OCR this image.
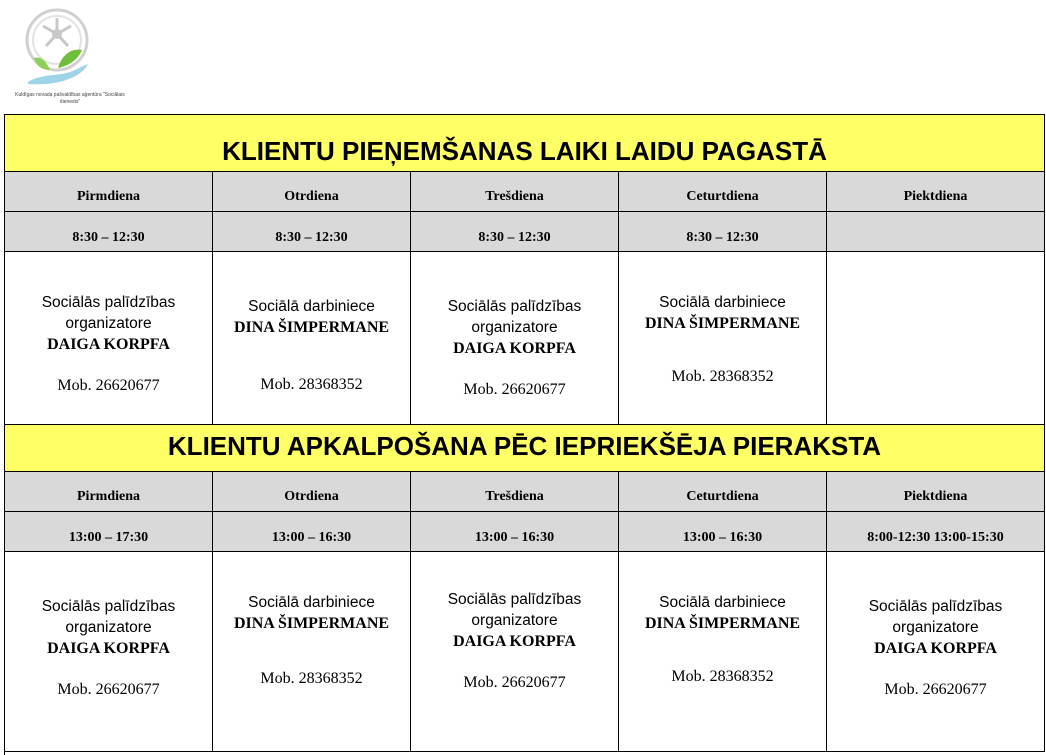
Kuldīgas novada pašvaldības aģentūra "Sociālais dienests"
KLIENTU PIEŅEMŠANAS LAIKI LAIDU PAGASTĀ
Pirmdiena	Otrdiena	Trešdiena	Ceturtdiena	Piektdiena
8:30 – 12:30	8:30 – 12:30	8:30 – 12:30	8:30 – 12:30
Sociālās palīdzības
organizatore
DAIGA KORPFA
Mob. 26620677
Sociālā darbiniece
DINA ŠIMPERMANE
Mob. 28368352
Sociālās palīdzības
organizatore
DAIGA KORPFA
Mob. 26620677
Sociālā darbiniece
DINA ŠIMPERMANE
Mob. 28368352
KLIENTU APKALPOŠANA PĒC IEPRIEKŠĒJA PIERAKSTA
Pirmdiena	Otrdiena	Trešdiena	Ceturtdiena	Piektdiena
13:00 – 17:30	13:00 – 16:30	13:00 – 16:30	13:00 – 16:30	8:00-12:30 13:00-15:30
Sociālās palīdzības
organizatore
DAIGA KORPFA
Mob. 26620677
Sociālā darbiniece
DINA ŠIMPERMANE
Mob. 28368352
Sociālās palīdzības
organizatore
DAIGA KORPFA
Mob. 26620677
Sociālā darbiniece
DINA ŠIMPERMANE
Mob. 28368352
Sociālās palīdzības
organizatore
DAIGA KORPFA
Mob. 26620677
